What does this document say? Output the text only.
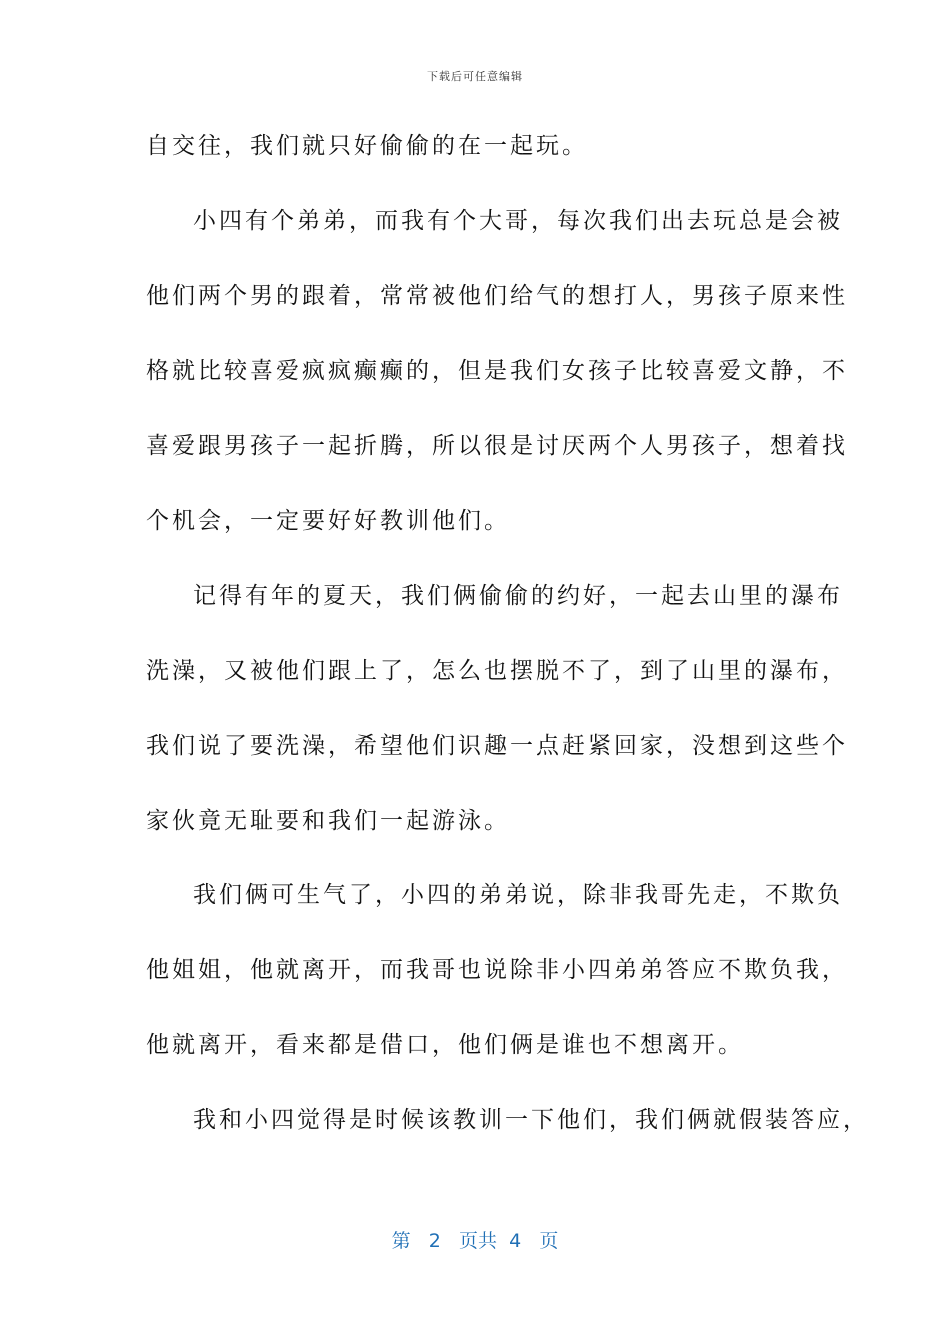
下载后可任意编辑
自交往，我们就只好偷偷的在一起玩。
小四有个弟弟，而我有个大哥，每次我们出去玩总是会被
他们两个男的跟着，常常被他们给气的想打人，男孩子原来性
格就比较喜爱疯疯癫癫的，但是我们女孩子比较喜爱文静，不
喜爱跟男孩子一起折腾，所以很是讨厌两个人男孩子，想着找
个机会，一定要好好教训他们。
记得有年的夏天，我们俩偷偷的约好，一起去山里的瀑布
洗澡，又被他们跟上了，怎么也摆脱不了，到了山里的瀑布，
我们说了要洗澡，希望他们识趣一点赶紧回家，没想到这些个
家伙竟无耻要和我们一起游泳。
我们俩可生气了，小四的弟弟说，除非我哥先走，不欺负
他姐姐，他就离开，而我哥也说除非小四弟弟答应不欺负我，
他就离开，看来都是借口，他们俩是谁也不想离开。
我和小四觉得是时候该教训一下他们，我们俩就假装答应，
第 2 页共 4 页
